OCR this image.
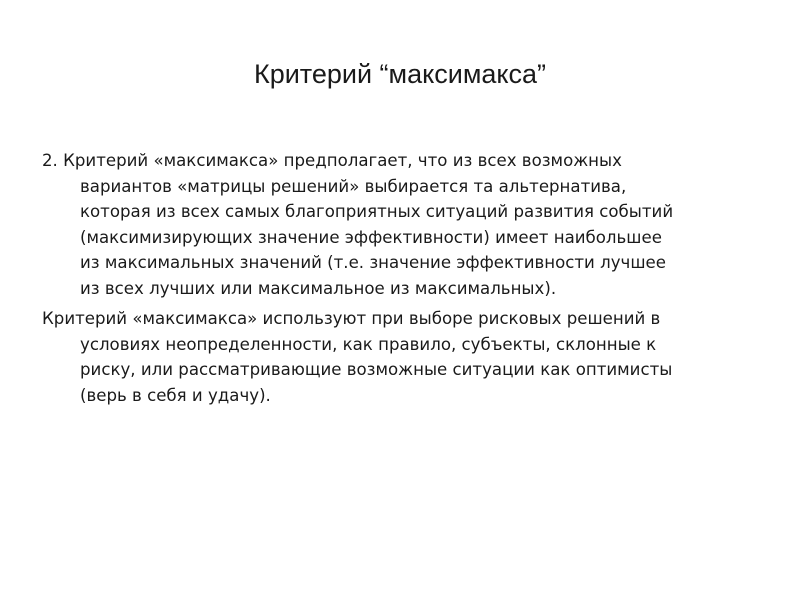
Критерий “максимакса”

2. Критерий «максимакса» предполагает, что из всех возможных
вариантов «матрицы решений» выбирается та альтернатива,
которая из всех самых благоприятных ситуаций развития событий
(максимизирующих значение эффективности) имеет наибольшее
из максимальных значений (т.е. значение эффективности лучшее
из всех лучших или максимальное из максимальных).

Критерий «максимакса» используют при выборе рисковых решений в
условиях неопределенности, как правило, субъекты, склонные к
риску, или рассматривающие возможные ситуации как оптимисты
(верь в себя и удачу).
